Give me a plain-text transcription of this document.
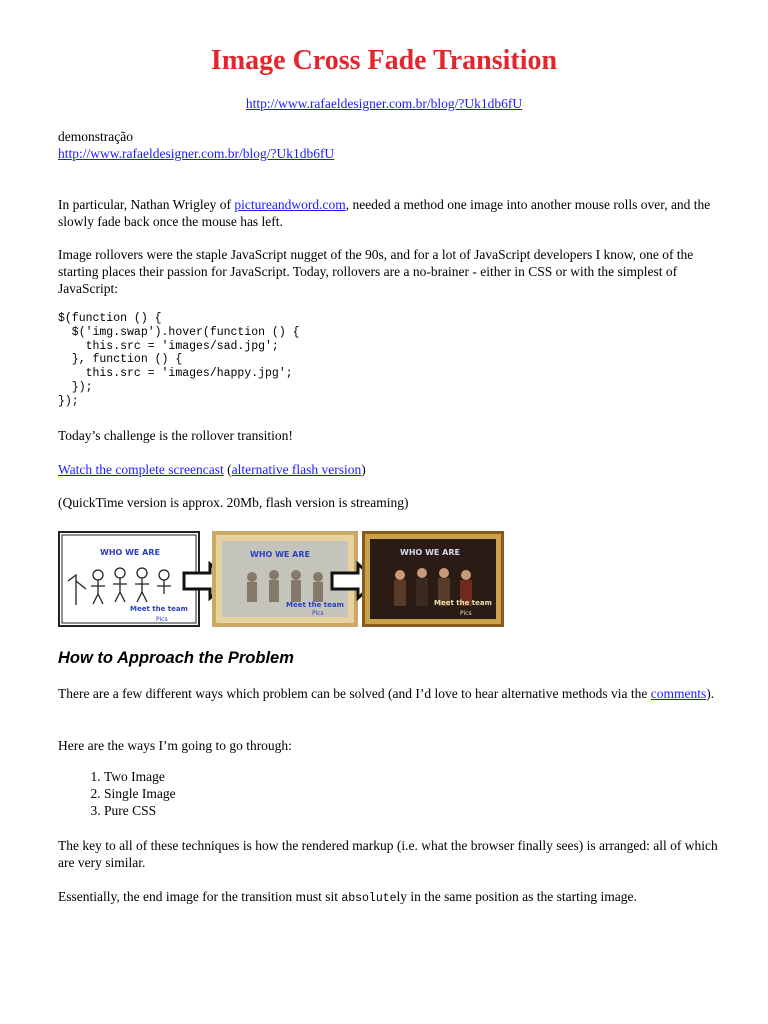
Image Cross Fade Transition
http://www.rafaeldesigner.com.br/blog/?Uk1db6fU
demonstração
http://www.rafaeldesigner.com.br/blog/?Uk1db6fU

In particular, Nathan Wrigley of pictureandword.com, needed a method one image into another mouse rolls over, and the slowly fade back once the mouse has left.

Image rollovers were the staple JavaScript nugget of the 90s, and for a lot of JavaScript developers I know, one of the starting places their passion for JavaScript. Today, rollovers are a no-brainer - either in CSS or with the simplest of JavaScript:

$(function () {
$('img.swap').hover(function () {
this.src = 'images/sad.jpg';
}, function () {
this.src = 'images/happy.jpg';
});
});
Today’s challenge is the rollover transition!
Watch the complete screencast (alternative flash version)
(QuickTime version is approx. 20Mb, flash version is streaming)
WHO WE ARE
Meet the team
Pics
WHO WE ARE
Meet the team
Pics
WHO WE ARE
Meet the team
Pics
How to Approach the Problem

There are a few different ways which problem can be solved (and I’d love to hear alternative methods via the comments).

Here are the ways I’m going to go through:
1. Two Image
2. Single Image
3. Pure CSS
The key to all of these techniques is how the rendered markup (i.e. what the browser finally sees) is arranged: all of which are very similar.

Essentially, the end image for the transition must sit absolutely in the same position as the starting image.
